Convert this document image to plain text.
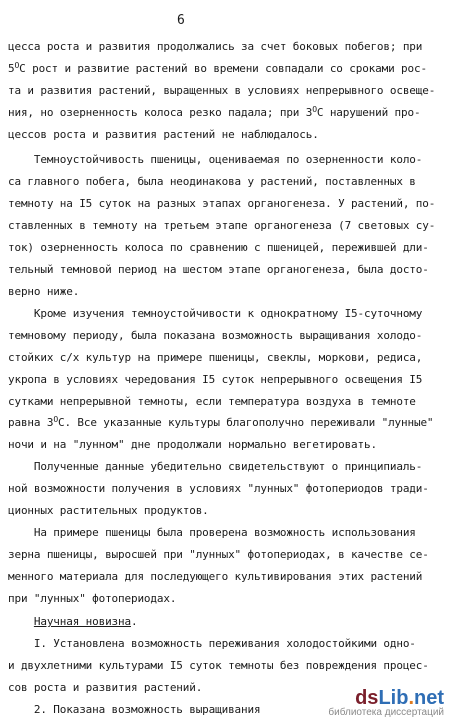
6
цесса роста и развития продолжались за счет боковых побегов; при
$5^OC$ рост и развитие растений во времени совпадали со сроками рос-
та и развития растений, выращенных в условиях непрерывного освеще-
ния, но озерненность колоса резко падала; при $3^OC$ нарушений про-
цессов роста и развития растений не наблюдалось.
Темноустойчивость пшеницы, оцениваемая по озерненности коло-
са главного побега, была неодинакова у растений, поставленных в
темноту на I5 суток на разных этапах органогенеза. У растений, по-
ставленных в темноту на третьем этапе органогенеза (7 световых су-
ток) озерненность колоса по сравнению с пшеницей, пережившей дли-
тельный темновой период на шестом этапе органогенеза, была досто-
верно ниже.
Кроме изучения темноустойчивости к однократному I5-суточному
темновому периоду, была показана возможность выращивания холодо-
стойких с/х культур на примере пшеницы, свеклы, моркови, редиса,
укропа в условиях чередования I5 суток непрерывного освещения I5
сутками непрерывной темноты, если температура воздуха в темноте
равна $3^OC$. Все указанные культуры благополучно переживали "лунные"
ночи и на "лунном" дне продолжали нормально вегетировать.
Полученные данные убедительно свидетельствуют о принципиаль-
ной возможности получения в условиях "лунных" фотопериодов тради-
ционных растительных продуктов.
На примере пшеницы была проверена возможность использования
зерна пшеницы, выросшей при "лунных" фотопериодах, в качестве се-
менного материала для последующего культивирования этих растений
при "лунных" фотопериодах.
Научная новизна.
I. Установлена возможность переживания холодостойкими одно-
и двухлетними культурами I5 суток темноты без повреждения процес-
сов роста и развития растений.
2. Показана возможность выращивания
ds Lib . net
библиотека диссертаций
